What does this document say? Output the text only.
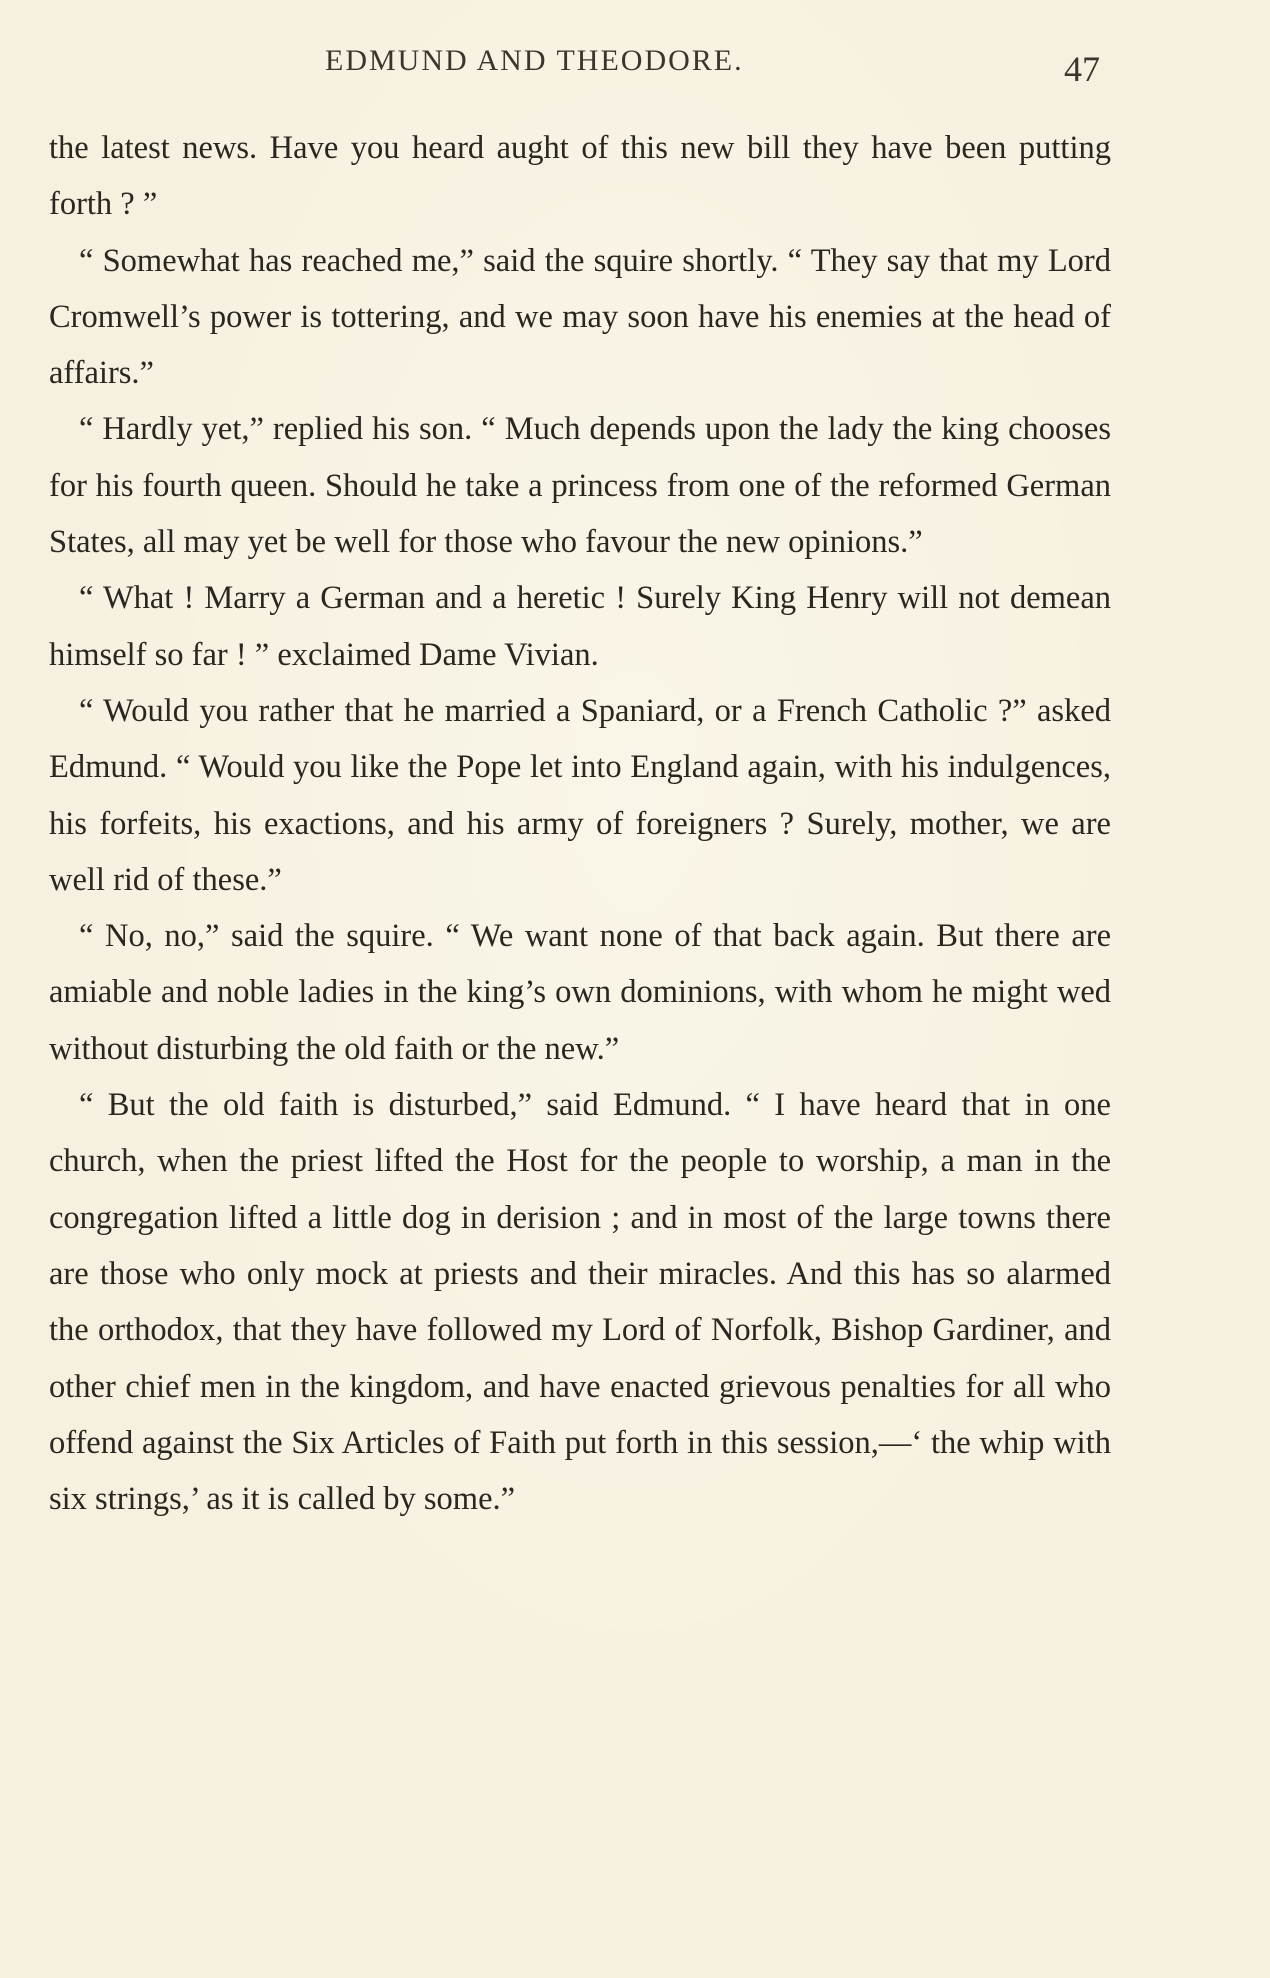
EDMUND AND THEODORE.	47

the latest news. Have you heard aught of this new bill they have been putting forth ? ”

“ Somewhat has reached me,” said the squire shortly. “ They say that my Lord Cromwell’s power is tottering, and we may soon have his enemies at the head of affairs.”

“ Hardly yet,” replied his son. “ Much depends upon the lady the king chooses for his fourth queen. Should he take a princess from one of the reformed German States, all may yet be well for those who favour the new opinions.”

“ What ! Marry a German and a heretic ! Surely King Henry will not demean himself so far ! ” exclaimed Dame Vivian.

“ Would you rather that he married a Spaniard, or a French Catholic ?” asked Edmund. “ Would you like the Pope let into England again, with his indulgences, his forfeits, his exactions, and his army of foreigners ? Surely, mother, we are well rid of these.”

“ No, no,” said the squire. “ We want none of that back again. But there are amiable and noble ladies in the king’s own dominions, with whom he might wed without disturbing the old faith or the new.”

“ But the old faith is disturbed,” said Edmund. “ I have heard that in one church, when the priest lifted the Host for the people to worship, a man in the congregation lifted a little dog in derision ; and in most of the large towns there are those who only mock at priests and their miracles. And this has so alarmed the orthodox, that they have followed my Lord of Norfolk, Bishop Gardiner, and other chief men in the kingdom, and have enacted grievous penalties for all who offend against the Six Articles of Faith put forth in this session,—‘ the whip with six strings,’ as it is called by some.”
